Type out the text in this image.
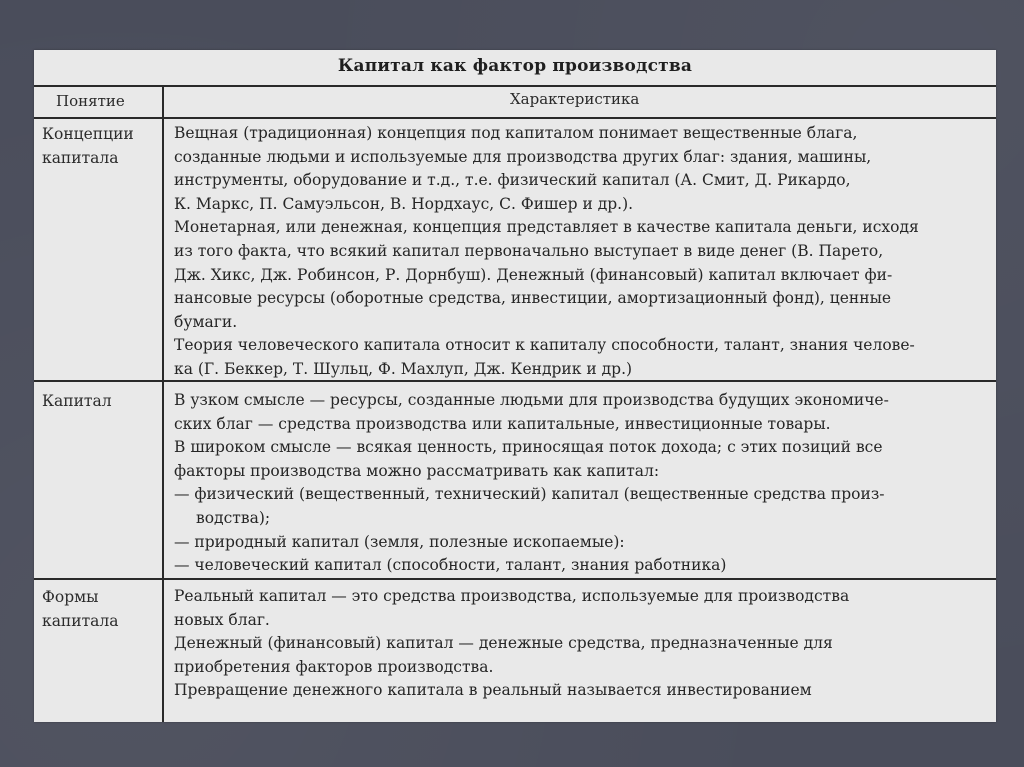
Капитал как фактор производства
Понятие	Характеристика
Концепции капитала
Вещная (традиционная) концепция под капиталом понимает вещественные блага,
созданные людьми и используемые для производства других благ: здания, машины,
инструменты, оборудование и т.д., т.е. физический капитал (А. Смит, Д. Рикардо,
К. Маркс, П. Самуэльсон, В. Нордхаус, С. Фишер и др.).
Монетарная, или денежная, концепция представляет в качестве капитала деньги, исходя
из того факта, что всякий капитал первоначально выступает в виде денег (В. Парето,
Дж. Хикс, Дж. Робинсон, Р. Дорнбуш). Денежный (финансовый) капитал включает фи-
нансовые ресурсы (оборотные средства, инвестиции, амортизационный фонд), ценные
бумаги.
Теория человеческого капитала относит к капиталу способности, талант, знания челове-
ка (Г. Беккер, Т. Шульц, Ф. Махлуп, Дж. Кендрик и др.)
Капитал	В узком смысле — ресурсы, созданные людьми для производства будущих экономиче-
ских благ — средства производства или капитальные, инвестиционные товары.
В широком смысле — всякая ценность, приносящая поток дохода; с этих позиций все
факторы производства можно рассматривать как капитал:
— физический (вещественный, технический) капитал (вещественные средства произ-
водства);
— природный капитал (земля, полезные ископаемые):
— человеческий капитал (способности, талант, знания работника)
Формы капитала
Реальный капитал — это средства производства, используемые для производства
новых благ.
Денежный (финансовый) капитал — денежные средства, предназначенные для
приобретения факторов производства.
Превращение денежного капитала в реальный называется инвестированием
